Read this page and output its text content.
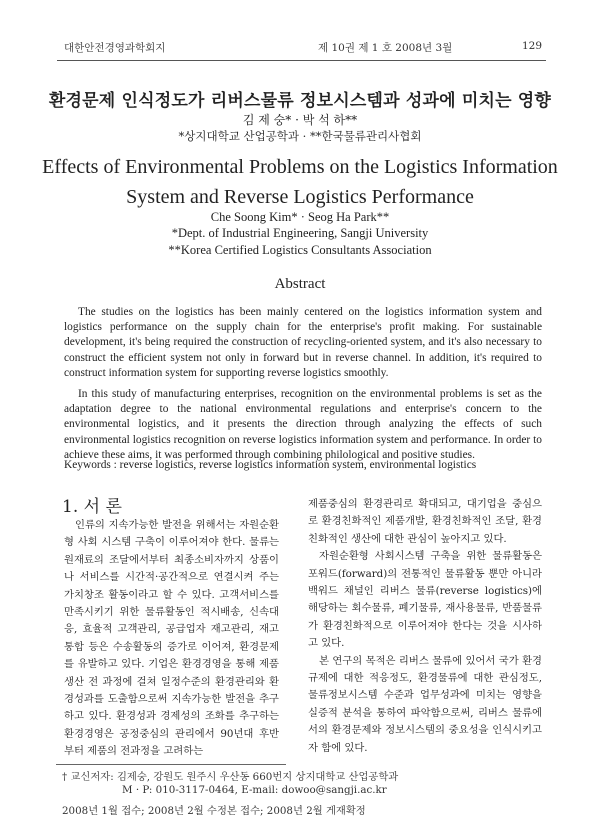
대한안전경영과학회지	제 10권 제 1 호 2008년 3월	129
환경문제 인식정도가 리버스물류 정보시스템과 성과에 미치는 영향
김 제 숭* · 박 석 하**
*상지대학교 산업공학과 · **한국물류관리사협회
Effects of Environmental Problems on the Logistics Information
System and Reverse Logistics Performance
Che Soong Kim* · Seog Ha Park**
*Dept. of Industrial Engineering, Sangji University
**Korea Certified Logistics Consultants Association
Abstract

The studies on the logistics has been mainly centered on the logistics information system and logistics performance on the supply chain for the enterprise's profit making. For sustainable development, it's being required the construction of recycling-oriented system, and it's also necessary to construct the efficient system not only in forward but in reverse channel. In addition, it's required to construct information system for supporting reverse logistics smoothly.

In this study of manufacturing enterprises, recognition on the environmental problems is set as the adaptation degree to the national environmental regulations and enterprise's concern to the environmental logistics, and it presents the direction through analyzing the effects of such environmental logistics recognition on reverse logistics information system and performance. In order to achieve these aims, it was performed through combining philological and positive studies.

Keywords : reverse logistics, reverse logistics information system, environmental logistics
1. 서 론

인류의 지속가능한 발전을 위해서는 자원순환형 사회 시스템 구축이 이루어져야 한다. 물류는 원재료의 조달에서부터 최종소비자까지 상품이나 서비스를 시간적·공간적으로 연결시켜 주는 가치창조 활동이라고 할 수 있다. 고객서비스를 만족시키기 위한 물류활동인 적시배송, 신속대응, 효율적 고객관리, 공급업자 재고관리, 재고통합 등은 수송활동의 증가로 이어져, 환경문제를 유발하고 있다. 기업은 환경경영을 통해 제품생산 전 과정에 걸쳐 일정수준의 환경관리와 환경성과를 도출함으로써 지속가능한 발전을 추구하고 있다. 환경성과 경제성의 조화를 추구하는 환경경영은 공정중심의 관리에서 90년대 후반부터 제품의 전과정을 고려하는

제품중심의 환경관리로 확대되고, 대기업을 중심으로 환경친화적인 제품개발, 환경친화적인 조달, 환경친화적인 생산에 대한 관심이 높아지고 있다.

자원순환형 사회시스템 구축을 위한 물류활동은 포워드(forward)의 전통적인 물류활동 뿐만 아니라 백워드 채널인 리버스 물류(reverse logistics)에 해당하는 회수물류, 폐기물류, 재사용물류, 반품물류가 환경친화적으로 이루어져야 한다는 것을 시사하고 있다.

본 연구의 목적은 리버스 물류에 있어서 국가 환경규제에 대한 적응정도, 환경물류에 대한 관심정도, 물류정보시스템 수준과 업무성과에 미치는 영향을 실증적 분석을 통하여 파악함으로써, 리버스 물류에서의 환경문제와 정보시스템의 중요성을 인식시키고자 함에 있다.

† 교신저자: 김제숭, 강원도 원주시 우산동 660번지 상지대학교 산업공학과
M · P: 010-3117-0464, E-mail: dowoo@sangji.ac.kr
2008년 1월 접수; 2008년 2월 수정본 접수; 2008년 2월 게재확정
